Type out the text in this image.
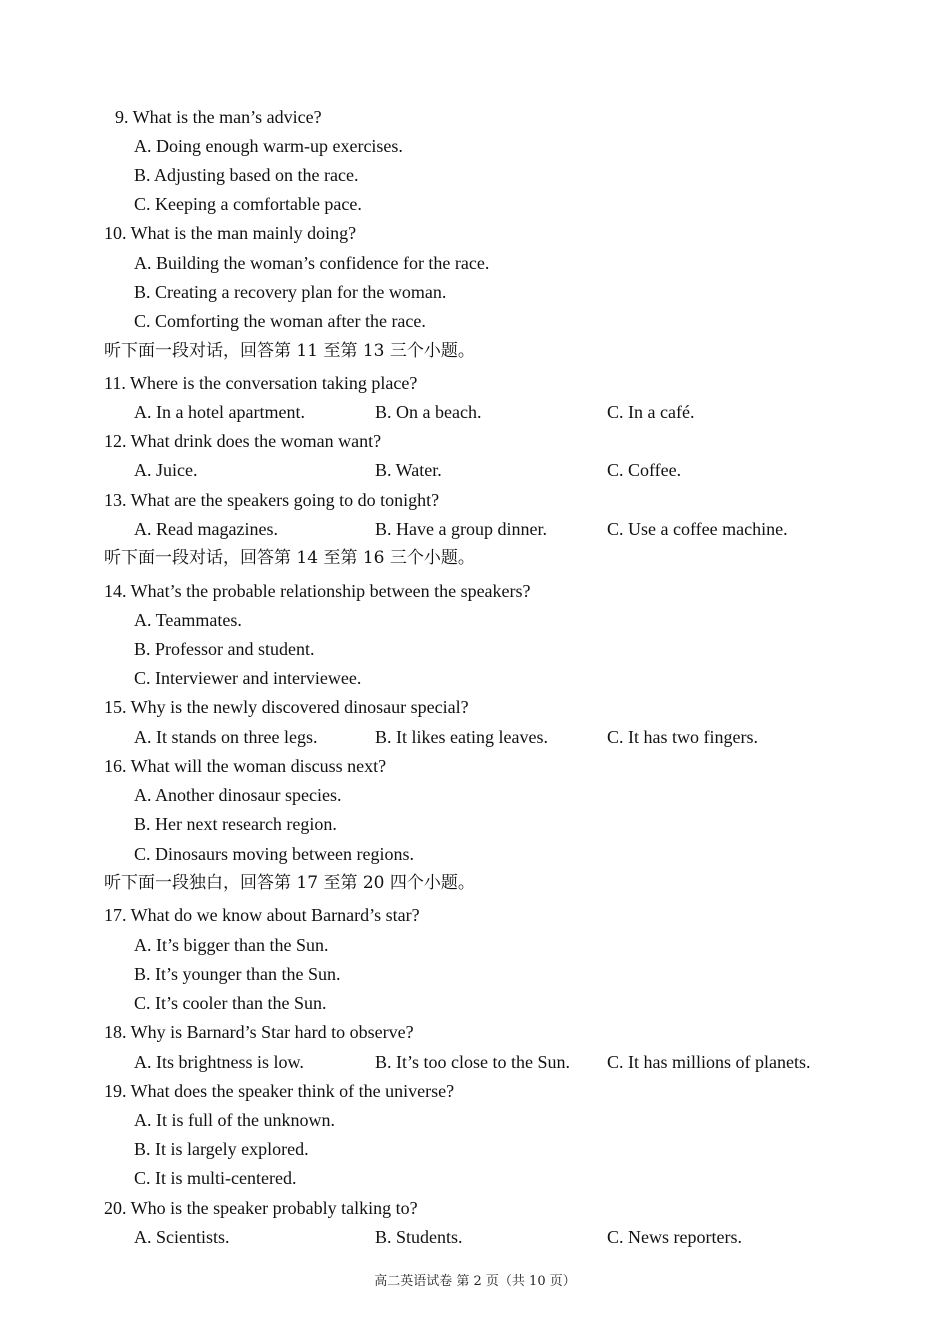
9. What is the man’s advice?
A. Doing enough warm-up exercises.
B. Adjusting based on the race.
C. Keeping a comfortable pace.
10. What is the man mainly doing?
A. Building the woman’s confidence for the race.
B. Creating a recovery plan for the woman.
C. Comforting the woman after the race.
听下面一段对话，回答第 11 至第 13 三个小题。
11. Where is the conversation taking place?
A. In a hotel apartment.	B. On a beach.	C. In a café.
12. What drink does the woman want?
A. Juice.	B. Water.	C. Coffee.
13. What are the speakers going to do tonight?
A. Read magazines.	B. Have a group dinner.	C. Use a coffee machine.
听下面一段对话，回答第 14 至第 16 三个小题。
14. What’s the probable relationship between the speakers?
A. Teammates.
B. Professor and student.
C. Interviewer and interviewee.
15. Why is the newly discovered dinosaur special?
A. It stands on three legs.	B. It likes eating leaves.	C. It has two fingers.
16. What will the woman discuss next?
A. Another dinosaur species.
B. Her next research region.
C. Dinosaurs moving between regions.
听下面一段独白，回答第 17 至第 20 四个小题。
17. What do we know about Barnard’s star?
A. It’s bigger than the Sun.
B. It’s younger than the Sun.
C. It’s cooler than the Sun.
18. Why is Barnard’s Star hard to observe?
A. Its brightness is low.	B. It’s too close to the Sun. C. It has millions of planets.
19. What does the speaker think of the universe?
A. It is full of the unknown.
B. It is largely explored.
C. It is multi-centered.
20. Who is the speaker probably talking to?
A. Scientists.	B. Students.	C. News reporters.
高二英语试卷 第 2 页（共 10 页）
